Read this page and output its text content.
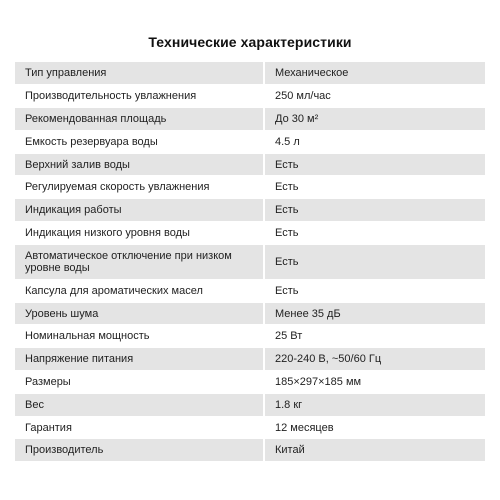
Технические характеристики
Тип управления	Механическое
Производительность увлажнения	250 мл/час
Рекомендованная площадь	До 30 м²
Емкость резервуара воды	4.5 л
Верхний залив воды	Есть
Регулируемая скорость увлажнения	Есть
Индикация работы	Есть
Индикация низкого уровня воды	Есть
Автоматическое отключение при низком уровне воды	Есть
Капсула для ароматических масел	Есть
Уровень шума	Менее 35 дБ
Номинальная мощность	25 Вт
Напряжение питания	220-240 В, ~50/60 Гц
Размеры	185×297×185 мм
Вес	1.8 кг
Гарантия	12 месяцев
Производитель	Китай
